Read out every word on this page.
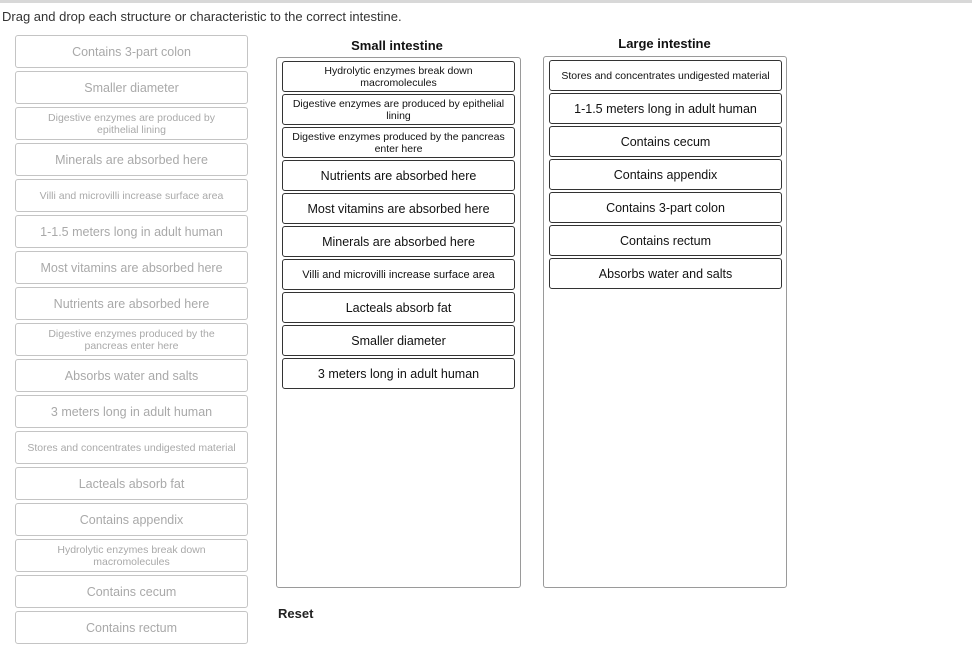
Drag and drop each structure or characteristic to the correct intestine.
Contains 3-part colon
Smaller diameter
Digestive enzymes are produced by epithelial lining
Minerals are absorbed here
Villi and microvilli increase surface area
1-1.5 meters long in adult human
Most vitamins are absorbed here
Nutrients are absorbed here
Digestive enzymes produced by the pancreas enter here
Absorbs water and salts
3 meters long in adult human
Stores and concentrates undigested material
Lacteals absorb fat
Contains appendix
Hydrolytic enzymes break down macromolecules
Contains cecum
Contains rectum
Small intestine
Hydrolytic enzymes break down macromolecules
Digestive enzymes are produced by epithelial lining
Digestive enzymes produced by the pancreas enter here
Nutrients are absorbed here
Most vitamins are absorbed here
Minerals are absorbed here
Villi and microvilli increase surface area
Lacteals absorb fat
Smaller diameter
3 meters long in adult human
Large intestine
Stores and concentrates undigested material
1-1.5 meters long in adult human
Contains cecum
Contains appendix
Contains 3-part colon
Contains rectum
Absorbs water and salts
Reset
